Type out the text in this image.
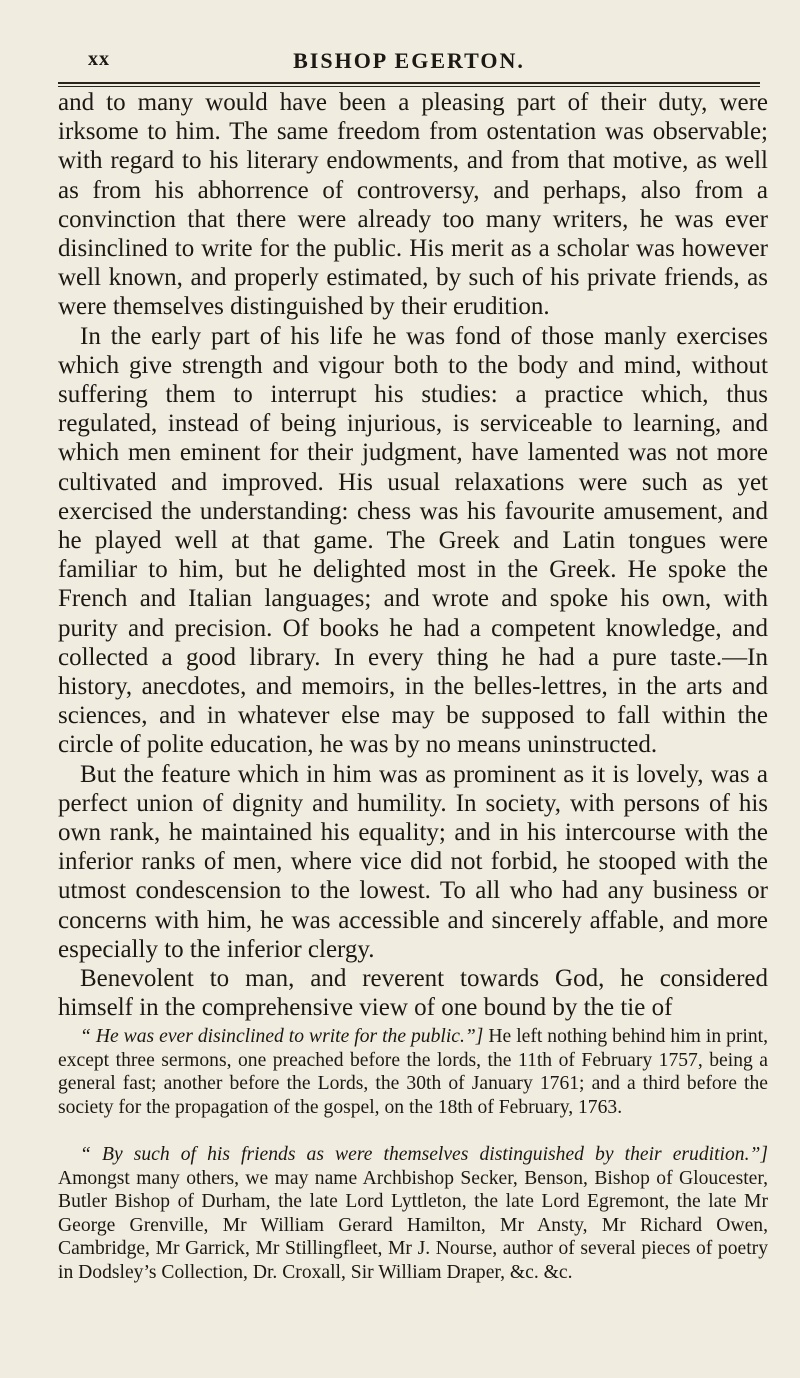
xx	BISHOP EGERTON.

and to many would have been a pleasing part of their duty, were irksome to him. The same freedom from ostentation was observable; with regard to his literary endowments, and from that motive, as well as from his abhorrence of controversy, and perhaps, also from a convinction that there were already too many writers, he was ever disinclined to write for the public. His merit as a scholar was however well known, and properly estimated, by such of his private friends, as were themselves distinguished by their erudition.

In the early part of his life he was fond of those manly exercises which give strength and vigour both to the body and mind, without suffering them to interrupt his studies: a practice which, thus regulated, instead of being injurious, is serviceable to learning, and which men eminent for their judgment, have lamented was not more cultivated and improved. His usual relaxations were such as yet exercised the understanding: chess was his favourite amusement, and he played well at that game. The Greek and Latin tongues were familiar to him, but he delighted most in the Greek. He spoke the French and Italian languages; and wrote and spoke his own, with purity and precision. Of books he had a competent knowledge, and collected a good library. In every thing he had a pure taste.—In history, anecdotes, and memoirs, in the belles-lettres, in the arts and sciences, and in whatever else may be supposed to fall within the circle of polite education, he was by no means uninstructed.

But the feature which in him was as prominent as it is lovely, was a perfect union of dignity and humility. In society, with persons of his own rank, he maintained his equality; and in his intercourse with the inferior ranks of men, where vice did not forbid, he stooped with the utmost condescension to the lowest. To all who had any business or concerns with him, he was accessible and sincerely affable, and more especially to the inferior clergy.

Benevolent to man, and reverent towards God, he considered himself in the comprehensive view of one bound by the tie of

“ He was ever disinclined to write for the public.”] He left nothing behind him in print, except three sermons, one preached before the lords, the 11th of February 1757, being a general fast; another before the Lords, the 30th of January 1761; and a third before the society for the propagation of the gospel, on the 18th of February, 1763.

“ By such of his friends as were themselves distinguished by their erudition.”] Amongst many others, we may name Archbishop Secker, Benson, Bishop of Gloucester, Butler Bishop of Durham, the late Lord Lyttleton, the late Lord Egremont, the late Mr George Grenville, Mr William Gerard Hamilton, Mr Ansty, Mr Richard Owen, Cambridge, Mr Garrick, Mr Stillingfleet, Mr J. Nourse, author of several pieces of poetry in Dodsley’s Collection, Dr. Croxall, Sir William Draper, &c. &c.
